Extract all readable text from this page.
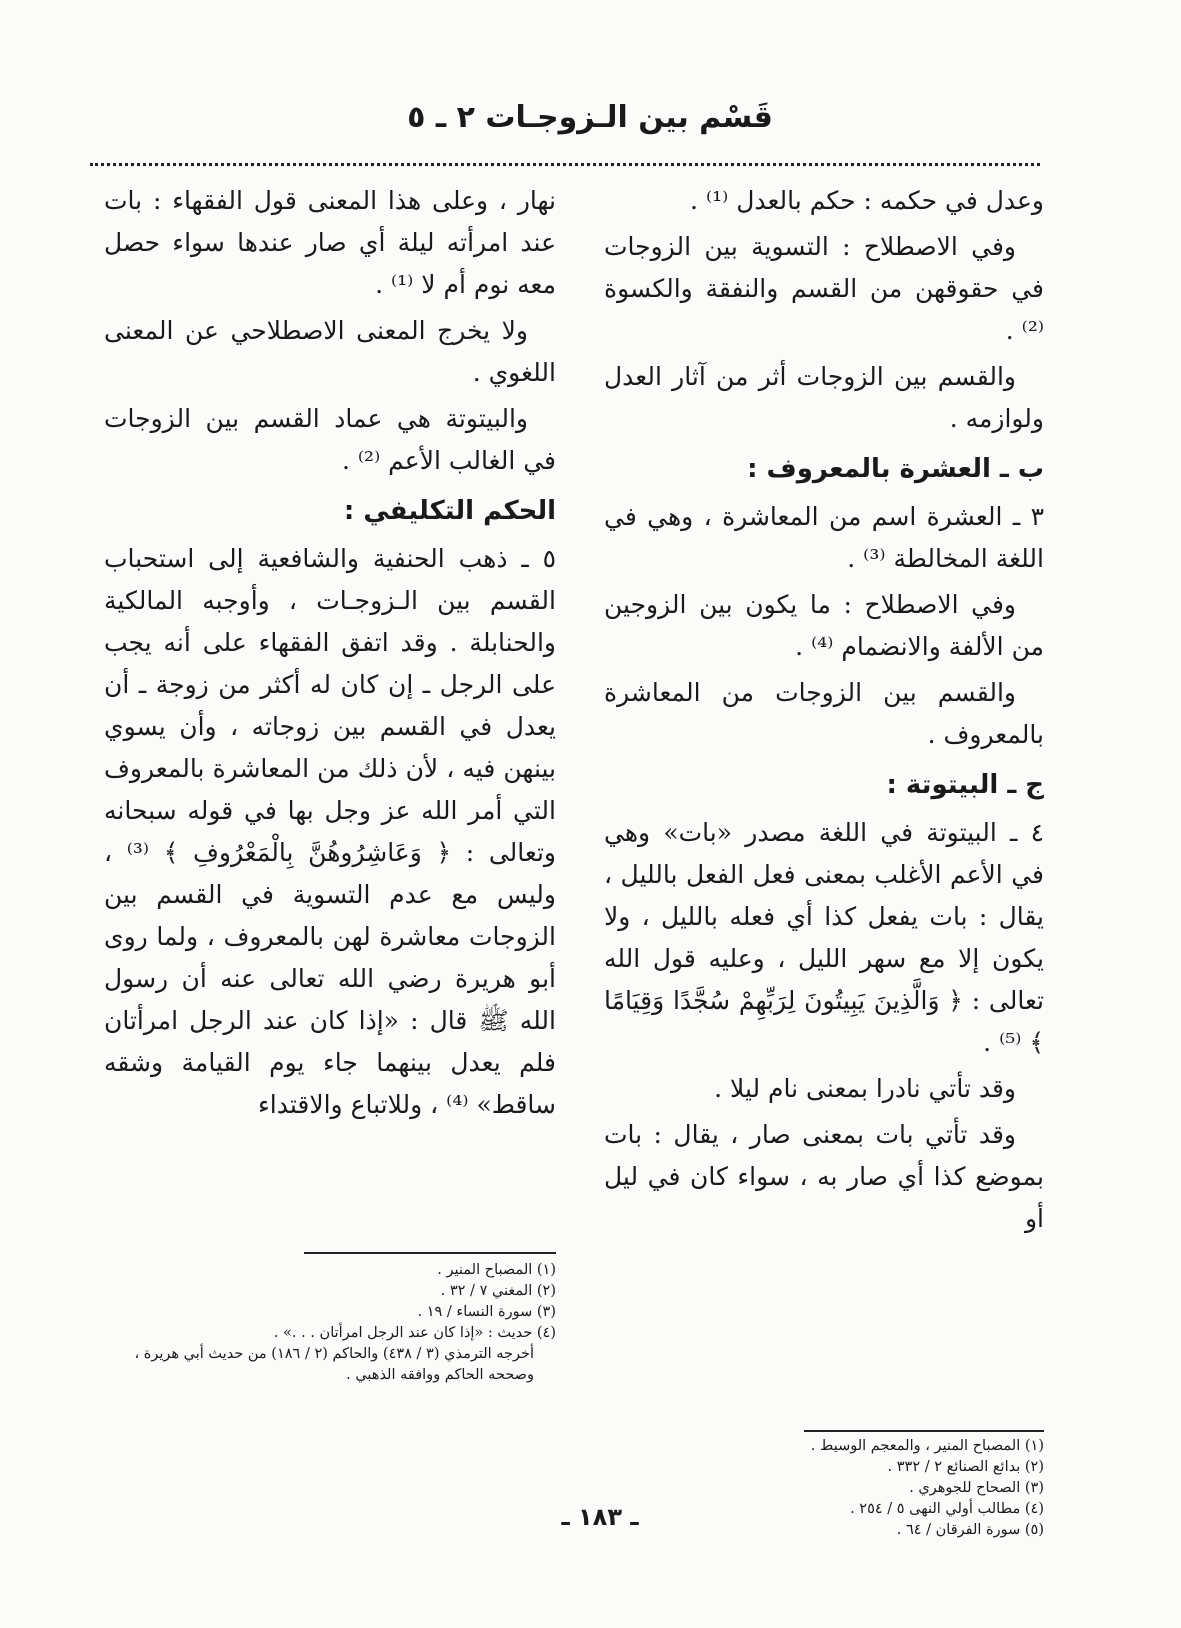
قَسْم بين الـزوجـات ٢ ـ ٥

وعدل في حكمه : حكم بالعدل ⁽¹⁾ .

وفي الاصطلاح : التسوية بين الزوجات في حقوقهن من القسم والنفقة والكسوة ⁽²⁾ .

والقسم بين الزوجات أثر من آثار العدل ولوازمه .

ب ـ العشرة بالمعروف :

٣ ـ العشرة اسم من المعاشرة ، وهي في اللغة المخالطة ⁽³⁾ .

وفي الاصطلاح : ما يكون بين الزوجين من الألفة والانضمام ⁽⁴⁾ .

والقسم بين الزوجات من المعاشرة بالمعروف .

ج ـ البيتوتة :

٤ ـ البيتوتة في اللغة مصدر «بات» وهي في الأعم الأغلب بمعنى فعل الفعل بالليل ، يقال : بات يفعل كذا أي فعله بالليل ، ولا يكون إلا مع سهر الليل ، وعليه قول الله تعالى : ﴿ وَالَّذِينَ يَبِيتُونَ لِرَبِّهِمْ سُجَّدًا وَقِيَامًا ﴾ ⁽⁵⁾ .

وقد تأتي نادرا بمعنى نام ليلا .

وقد تأتي بات بمعنى صار ، يقال : بات بموضع كذا أي صار به ، سواء كان في ليل أو

نهار ، وعلى هذا المعنى قول الفقهاء : بات عند امرأته ليلة أي صار عندها سواء حصل معه نوم أم لا ⁽¹⁾ .

ولا يخرج المعنى الاصطلاحي عن المعنى اللغوي .

والبيتوتة هي عماد القسم بين الزوجات في الغالب الأعم ⁽²⁾ .

الحكم التكليفي :

٥ ـ ذهب الحنفية والشافعية إلى استحباب القسم بين الـزوجـات ، وأوجبه المالكية والحنابلة . وقد اتفق الفقهاء على أنه يجب على الرجل ـ إن كان له أكثر من زوجة ـ أن يعدل في القسم بين زوجاته ، وأن يسوي بينهن فيه ، لأن ذلك من المعاشرة بالمعروف التي أمر الله عز وجل بها في قوله سبحانه وتعالى : ﴿ وَعَاشِرُوهُنَّ بِالْمَعْرُوفِ ﴾ ⁽³⁾ ، وليس مع عدم التسوية في القسم بين الزوجات معاشرة لهن بالمعروف ، ولما روى أبو هريرة رضي الله تعالى عنه أن رسول الله ﷺ قال : «إذا كان عند الرجل امرأتان فلم يعدل بينهما جاء يوم القيامة وشقه ساقط» ⁽⁴⁾ ، وللاتباع والاقتداء

(١) المصباح المنير .
(٢) المغني ٧ / ٣٢ .
(٣) سورة النساء / ١٩ .
(٤) حديث : «إذا كان عند الرجل امرأتان . . .» .
أخرجه الترمذي (٣ / ٤٣٨) والحاكم (٢ / ١٨٦) من حديث أبي هريرة ، وصححه الحاكم ووافقه الذهبي .
(١) المصباح المنير ، والمعجم الوسيط .
(٢) بدائع الصنائع ٢ / ٣٣٢ .
(٣) الصحاح للجوهري .
(٤) مطالب أولي النهى ٥ / ٢٥٤ .
(٥) سورة الفرقان / ٦٤ .
ـ ١٨٣ ـ
